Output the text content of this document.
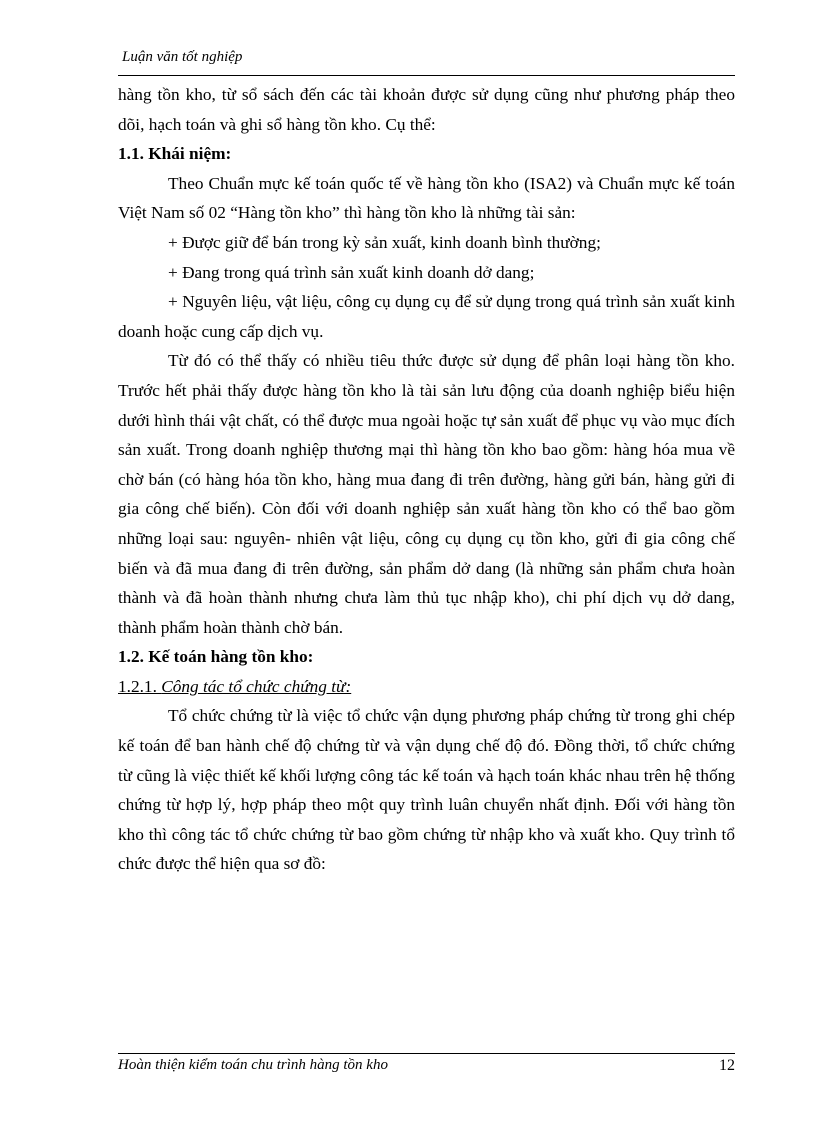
Luận văn tốt nghiệp

hàng tồn kho, từ sổ sách đến các tài khoản được sử dụng cũng như phương pháp theo dõi, hạch toán và ghi sổ hàng tồn kho. Cụ thể:

1.1. Khái niệm:

Theo Chuẩn mực kế toán quốc tế về hàng tồn kho (ISA2) và Chuẩn mực kế toán Việt Nam số 02 “Hàng tồn kho” thì hàng tồn kho là những tài sản:

+ Được giữ để bán trong kỳ sản xuất, kinh doanh bình thường;

+ Đang trong quá trình sản xuất kinh doanh dở dang;

+ Nguyên liệu, vật liệu, công cụ dụng cụ để sử dụng trong quá trình sản xuất kinh doanh hoặc cung cấp dịch vụ.

Từ đó có thể thấy có nhiều tiêu thức được sử dụng để phân loại hàng tồn kho. Trước hết phải thấy được hàng tồn kho là tài sản lưu động của doanh nghiệp biểu hiện dưới hình thái vật chất, có thể được mua ngoài hoặc tự sản xuất để phục vụ vào mục đích sản xuất. Trong doanh nghiệp thương mại thì hàng tồn kho bao gồm: hàng hóa mua về chờ bán (có hàng hóa tồn kho, hàng mua đang đi trên đường, hàng gửi bán, hàng gửi đi gia công chế biến). Còn đối với doanh nghiệp sản xuất hàng tồn kho có thể bao gồm những loại sau: nguyên- nhiên vật liệu, công cụ dụng cụ tồn kho, gửi đi gia công chế biến và đã mua đang đi trên đường, sản phẩm dở dang (là những sản phẩm chưa hoàn thành và đã hoàn thành nhưng chưa làm thủ tục nhập kho), chi phí dịch vụ dở dang, thành phẩm hoàn thành chờ bán.

1.2. Kế toán hàng tồn kho:

1.2.1. Công tác tổ chức chứng từ:

Tổ chức chứng từ là việc tổ chức vận dụng phương pháp chứng từ trong ghi chép kế toán để ban hành chế độ chứng từ và vận dụng chế độ đó. Đồng thời, tổ chức chứng từ cũng là việc thiết kế khối lượng công tác kế toán và hạch toán khác nhau trên hệ thống chứng từ hợp lý, hợp pháp theo một quy trình luân chuyển nhất định. Đối với hàng tồn kho thì công tác tổ chức chứng từ bao gồm chứng từ nhập kho và xuất kho. Quy trình tổ chức được thể hiện qua sơ đồ:

Hoàn thiện kiểm toán chu trình hàng tồn kho	12
